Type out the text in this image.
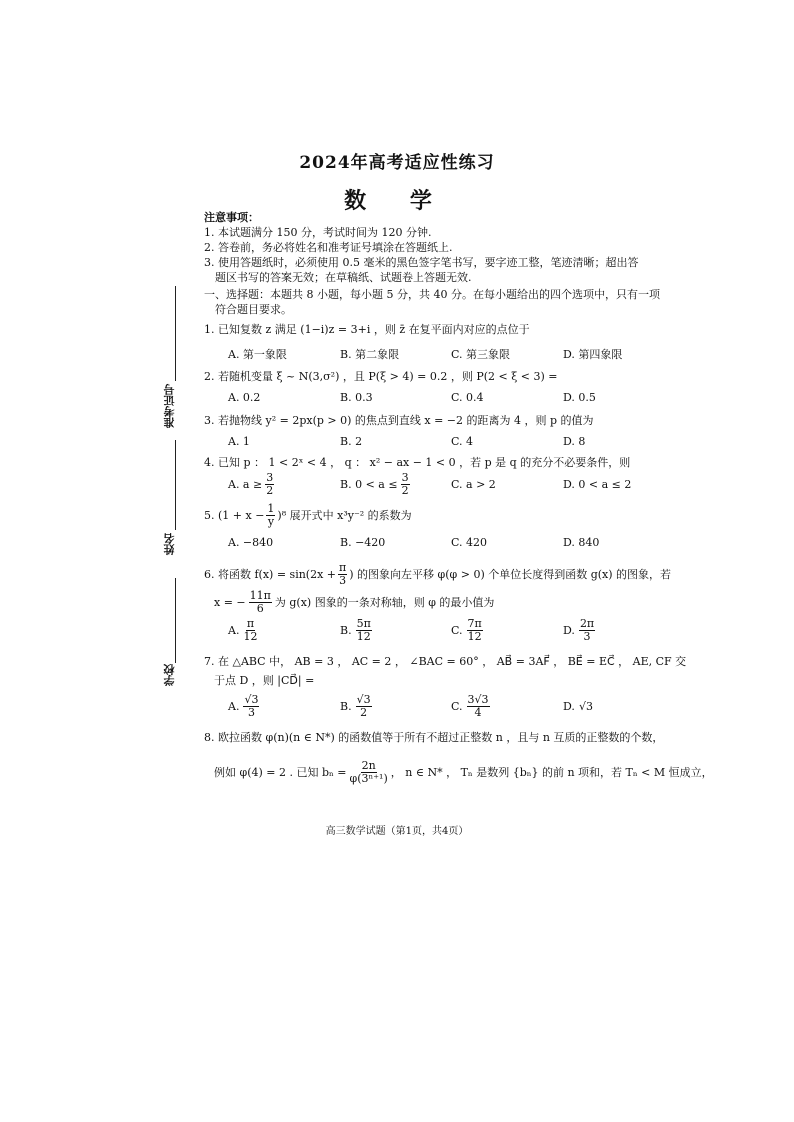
2024年高考适应性练习
数 学
准考证号
姓名
学校
注意事项：
1. 本试题满分 150 分，考试时间为 120 分钟.
2. 答卷前，务必将姓名和准考证号填涂在答题纸上.
3. 使用答题纸时，必须使用 0.5 毫米的黑色签字笔书写，要字迹工整，笔迹清晰；超出答
题区书写的答案无效；在草稿纸、试题卷上答题无效.
一、选择题：本题共 8 小题，每小题 5 分，共 40 分。在每小题给出的四个选项中，只有一项
符合题目要求。
1. 已知复数 z 满足 (1−i)z = 3+i ，则 z̄ 在复平面内对应的点位于
A. 第一象限	B. 第二象限	C. 第三象限	D. 第四象限
2. 若随机变量 ξ ~ N(3,σ²) ，且 P(ξ > 4) = 0.2 ，则 P(2 < ξ < 3) =
A. 0.2	B. 0.3	C. 0.4	D. 0.5
3. 若抛物线 y² = 2px(p > 0) 的焦点到直线 x = −2 的距离为 4 ，则 p 的值为
A. 1	B. 2	C. 4	D. 8
4. 已知 p ： 1 < 2ˣ < 4 ， q ： x² − ax − 1 < 0 ，若 p 是 q 的充分不必要条件，则
A. $a \ge \frac{3}{2}$	B. $0 < a \le \frac{3}{2}$	C. a > 2	D. 0 < a ≤ 2
5. $(1 + x - \frac{1}{y} )^8$ 展开式中 x³y⁻² 的系数为
A. −840	B. −420	C. 420	D. 840
6. 将函数 $f(x) = \sin(2x + \frac{\pi}{3}$ ) 的图象向左平移 φ(φ > 0) 个单位长度得到函数 g(x) 的图象，若
x = − $\frac{11\pi}{6}$ 为 g(x) 图象的一条对称轴，则 φ 的最小值为
A. $\frac{\pi}{12}$	B. $\frac{5\pi}{12}$	C. $\frac{7\pi}{12}$	D. $\frac{2\pi}{3}$
7. 在 △ABC 中， AB = 3 ， AC = 2 ， ∠BAC = 60° ， AB⃗ = 3AF⃗ ， BE⃗ = EC⃗ ， AE, CF 交
于点 D ，则 |CD⃗| =
A. $\frac{√3}{3}$	B. $\frac{√3}{2}$	C. $\frac{3√3}{4}$	D. √3
8. 欧拉函数 φ(n)(n ∈ N*) 的函数值等于所有不超过正整数 n ，且与 n 互质的正整数的个数，
例如 φ(4) = 2 . 已知 $b_n = \frac{2n}{\text{φ(3ⁿ⁺¹)}}$ ， n ∈ N* ， Tₙ 是数列 {bₙ} 的前 n 项和，若 Tₙ < M 恒成立，
高三数学试题（第1页，共4页）
